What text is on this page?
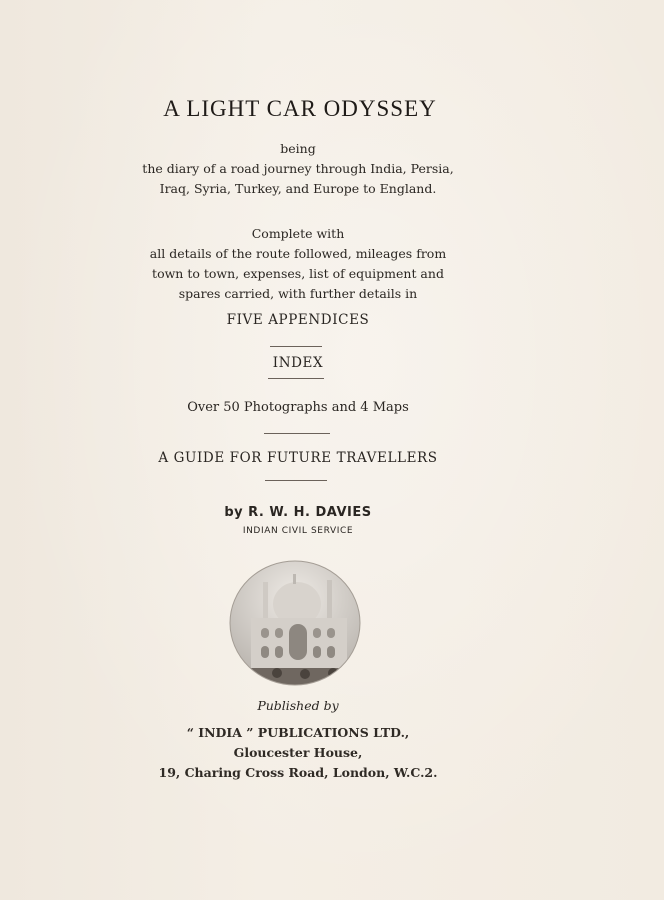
A LIGHT CAR ODYSSEY
being
the diary of a road journey through India, Persia,
Iraq, Syria, Turkey, and Europe to England.
Complete with
all details of the route followed, mileages from
town to town, expenses, list of equipment and
spares carried, with further details in
FIVE APPENDICES
INDEX
Over 50 Photographs and 4 Maps
A GUIDE FOR FUTURE TRAVELLERS
by R. W. H. DAVIES
INDIAN CIVIL SERVICE
Published by
“ INDIA ” PUBLICATIONS LTD.,
Gloucester House,
19, Charing Cross Road, London, W.C.2.
